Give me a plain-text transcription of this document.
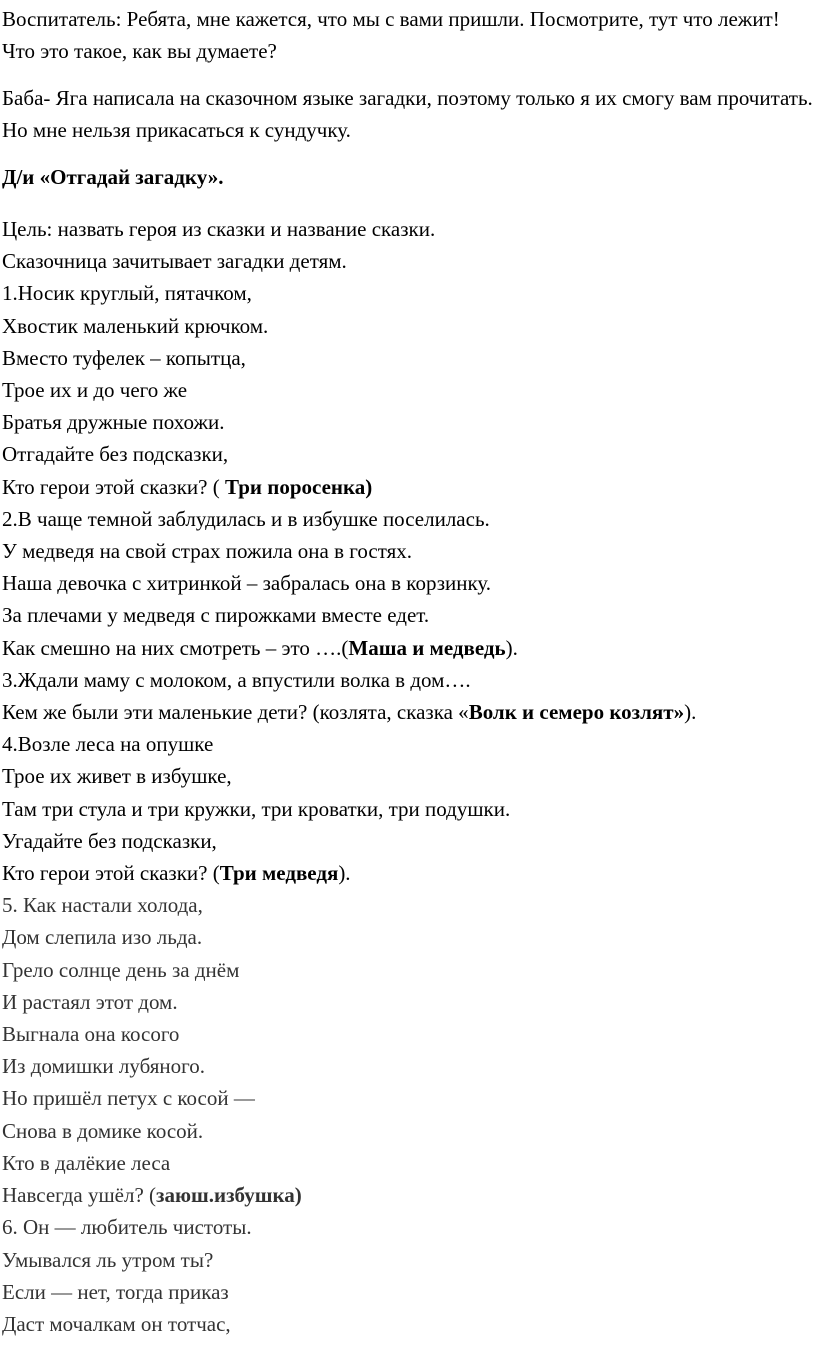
Воспитатель: Ребята, мне кажется, что мы с вами пришли. Посмотрите, тут что лежит! Что это такое, как вы думаете?

Баба- Яга написала на сказочном языке загадки, поэтому только я их смогу вам прочитать. Но мне нельзя прикасаться к сундучку.

Д/и «Отгадай загадку».

Цель: назвать героя из сказки и название сказки.
Сказочница зачитывает загадки детям.
1.Носик круглый, пятачком,
Хвостик маленький крючком.
Вместо туфелек – копытца,
Трое их и до чего же
Братья дружные похожи.
Отгадайте без подсказки,
Кто герои этой сказки? ( Три поросенка)
2.В чаще темной заблудилась и в избушке поселилась.
У медведя на свой страх пожила она в гостях.
Наша девочка с хитринкой – забралась она в корзинку.
За плечами у медведя с пирожками вместе едет.
Как смешно на них смотреть – это ….(Маша и медведь).
3.Ждали маму с молоком, а впустили волка в дом….
Кем же были эти маленькие дети? (козлята, сказка «Волк и семеро козлят»).
4.Возле леса на опушке
Трое их живет в избушке,
Там три стула и три кружки, три кроватки, три подушки.
Угадайте без подсказки,
Кто герои этой сказки? (Три медведя).
5. Как настали холода,
Дом слепила изо льда.
Грело солнце день за днём
И растаял этот дом.
Выгнала она косого
Из домишки лубяного.
Но пришёл петух с косой —
Снова в домике косой.
Кто в далёкие леса
Навсегда ушёл? (заюш.избушка)
6. Он — любитель чистоты.
Умывался ль утром ты?
Если — нет, тогда приказ
Даст мочалкам он тотчас,
